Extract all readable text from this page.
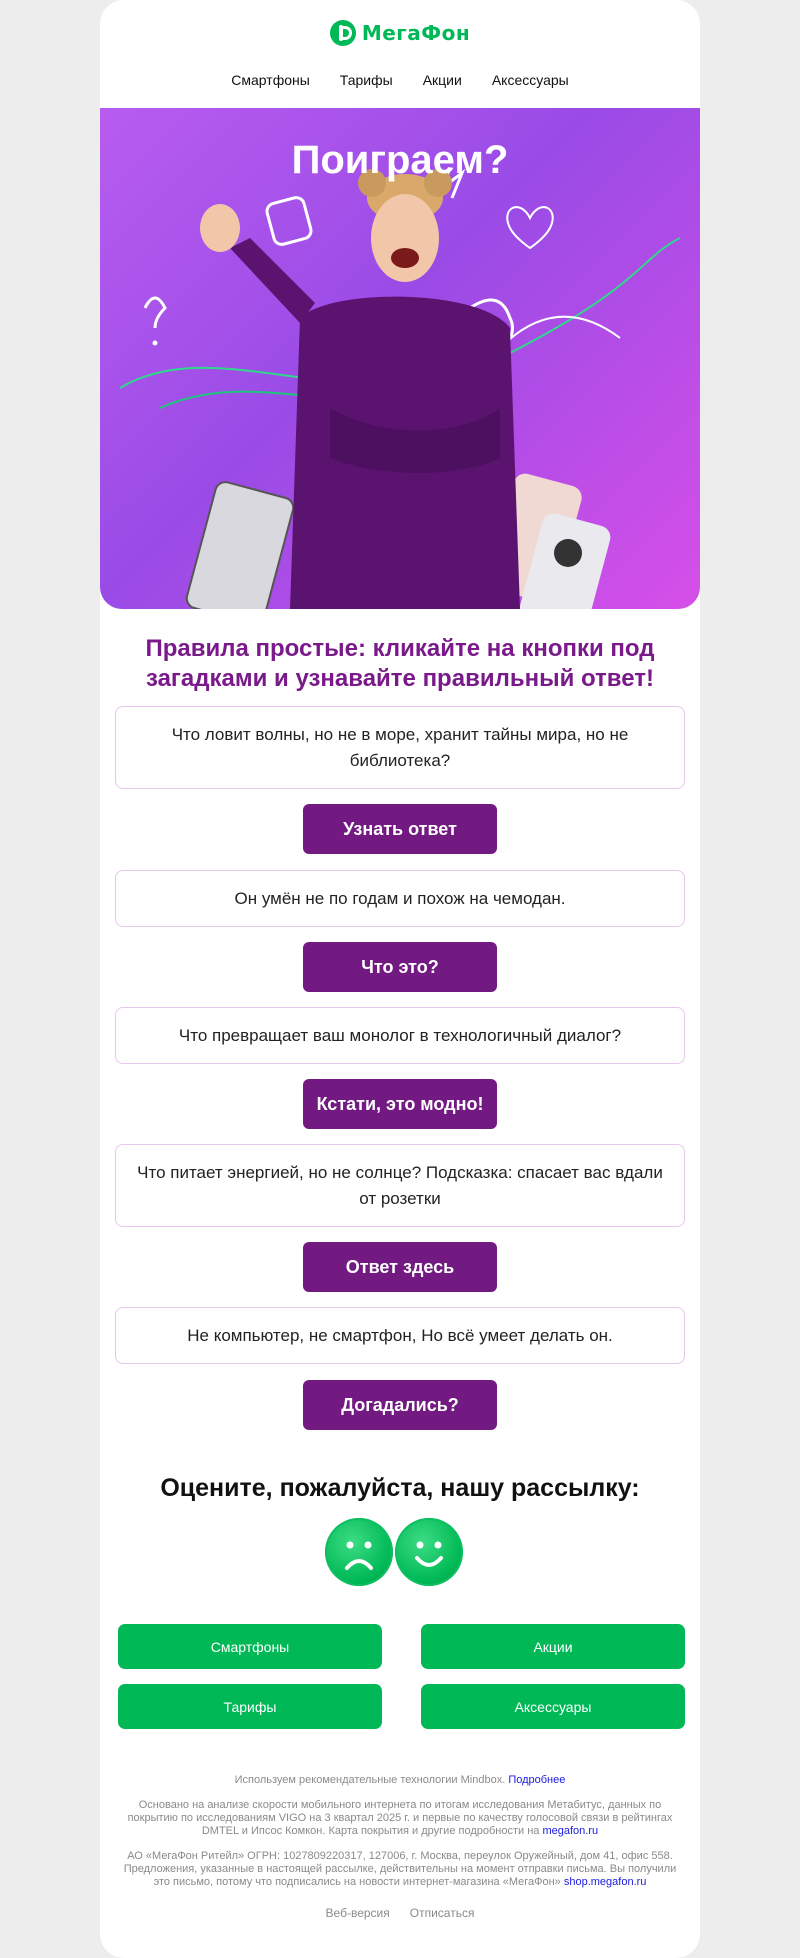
МегаФон
Смартфоны Тарифы Акции Аксессуары
Поиграем?
Правила простые: кликайте на кнопки под загадками и узнавайте правильный ответ!
Что ловит волны, но не в море, хранит тайны мира, но не библиотека?
Узнать ответ
Он умён не по годам и похож на чемодан.
Что это?
Что превращает ваш монолог в технологичный диалог?
Кстати, это модно!
Что питает энергией, но не солнце? Подсказка: спасает вас вдали от розетки
Ответ здесь
Не компьютер, не смартфон, Но всё умеет делать он.
Догадались?
Оцените, пожалуйста, нашу рассылку:
Смартфоны	Акции
Тарифы	Аксессуары
Используем рекомендательные технологии Mindbox. Подробнее
Основано на анализе скорости мобильного интернета по итогам исследования Метабитус, данных по покрытию по исследованиям VIGO на 3 квартал 2025 г. и первые по качеству голосовой связи в рейтингах DMTEL и Ипсос Комкон. Карта покрытия и другие подробности на megafon.ru
АО «МегаФон Ритейл» ОГРН: 1027809220317, 127006, г. Москва, переулок Оружейный, дом 41, офис 558. Предложения, указанные в настоящей рассылке, действительны на момент отправки письма. Вы получили это письмо, потому что подписались на новости интернет-магазина «МегаФон» shop.megafon.ru
Веб-версия Отписаться
